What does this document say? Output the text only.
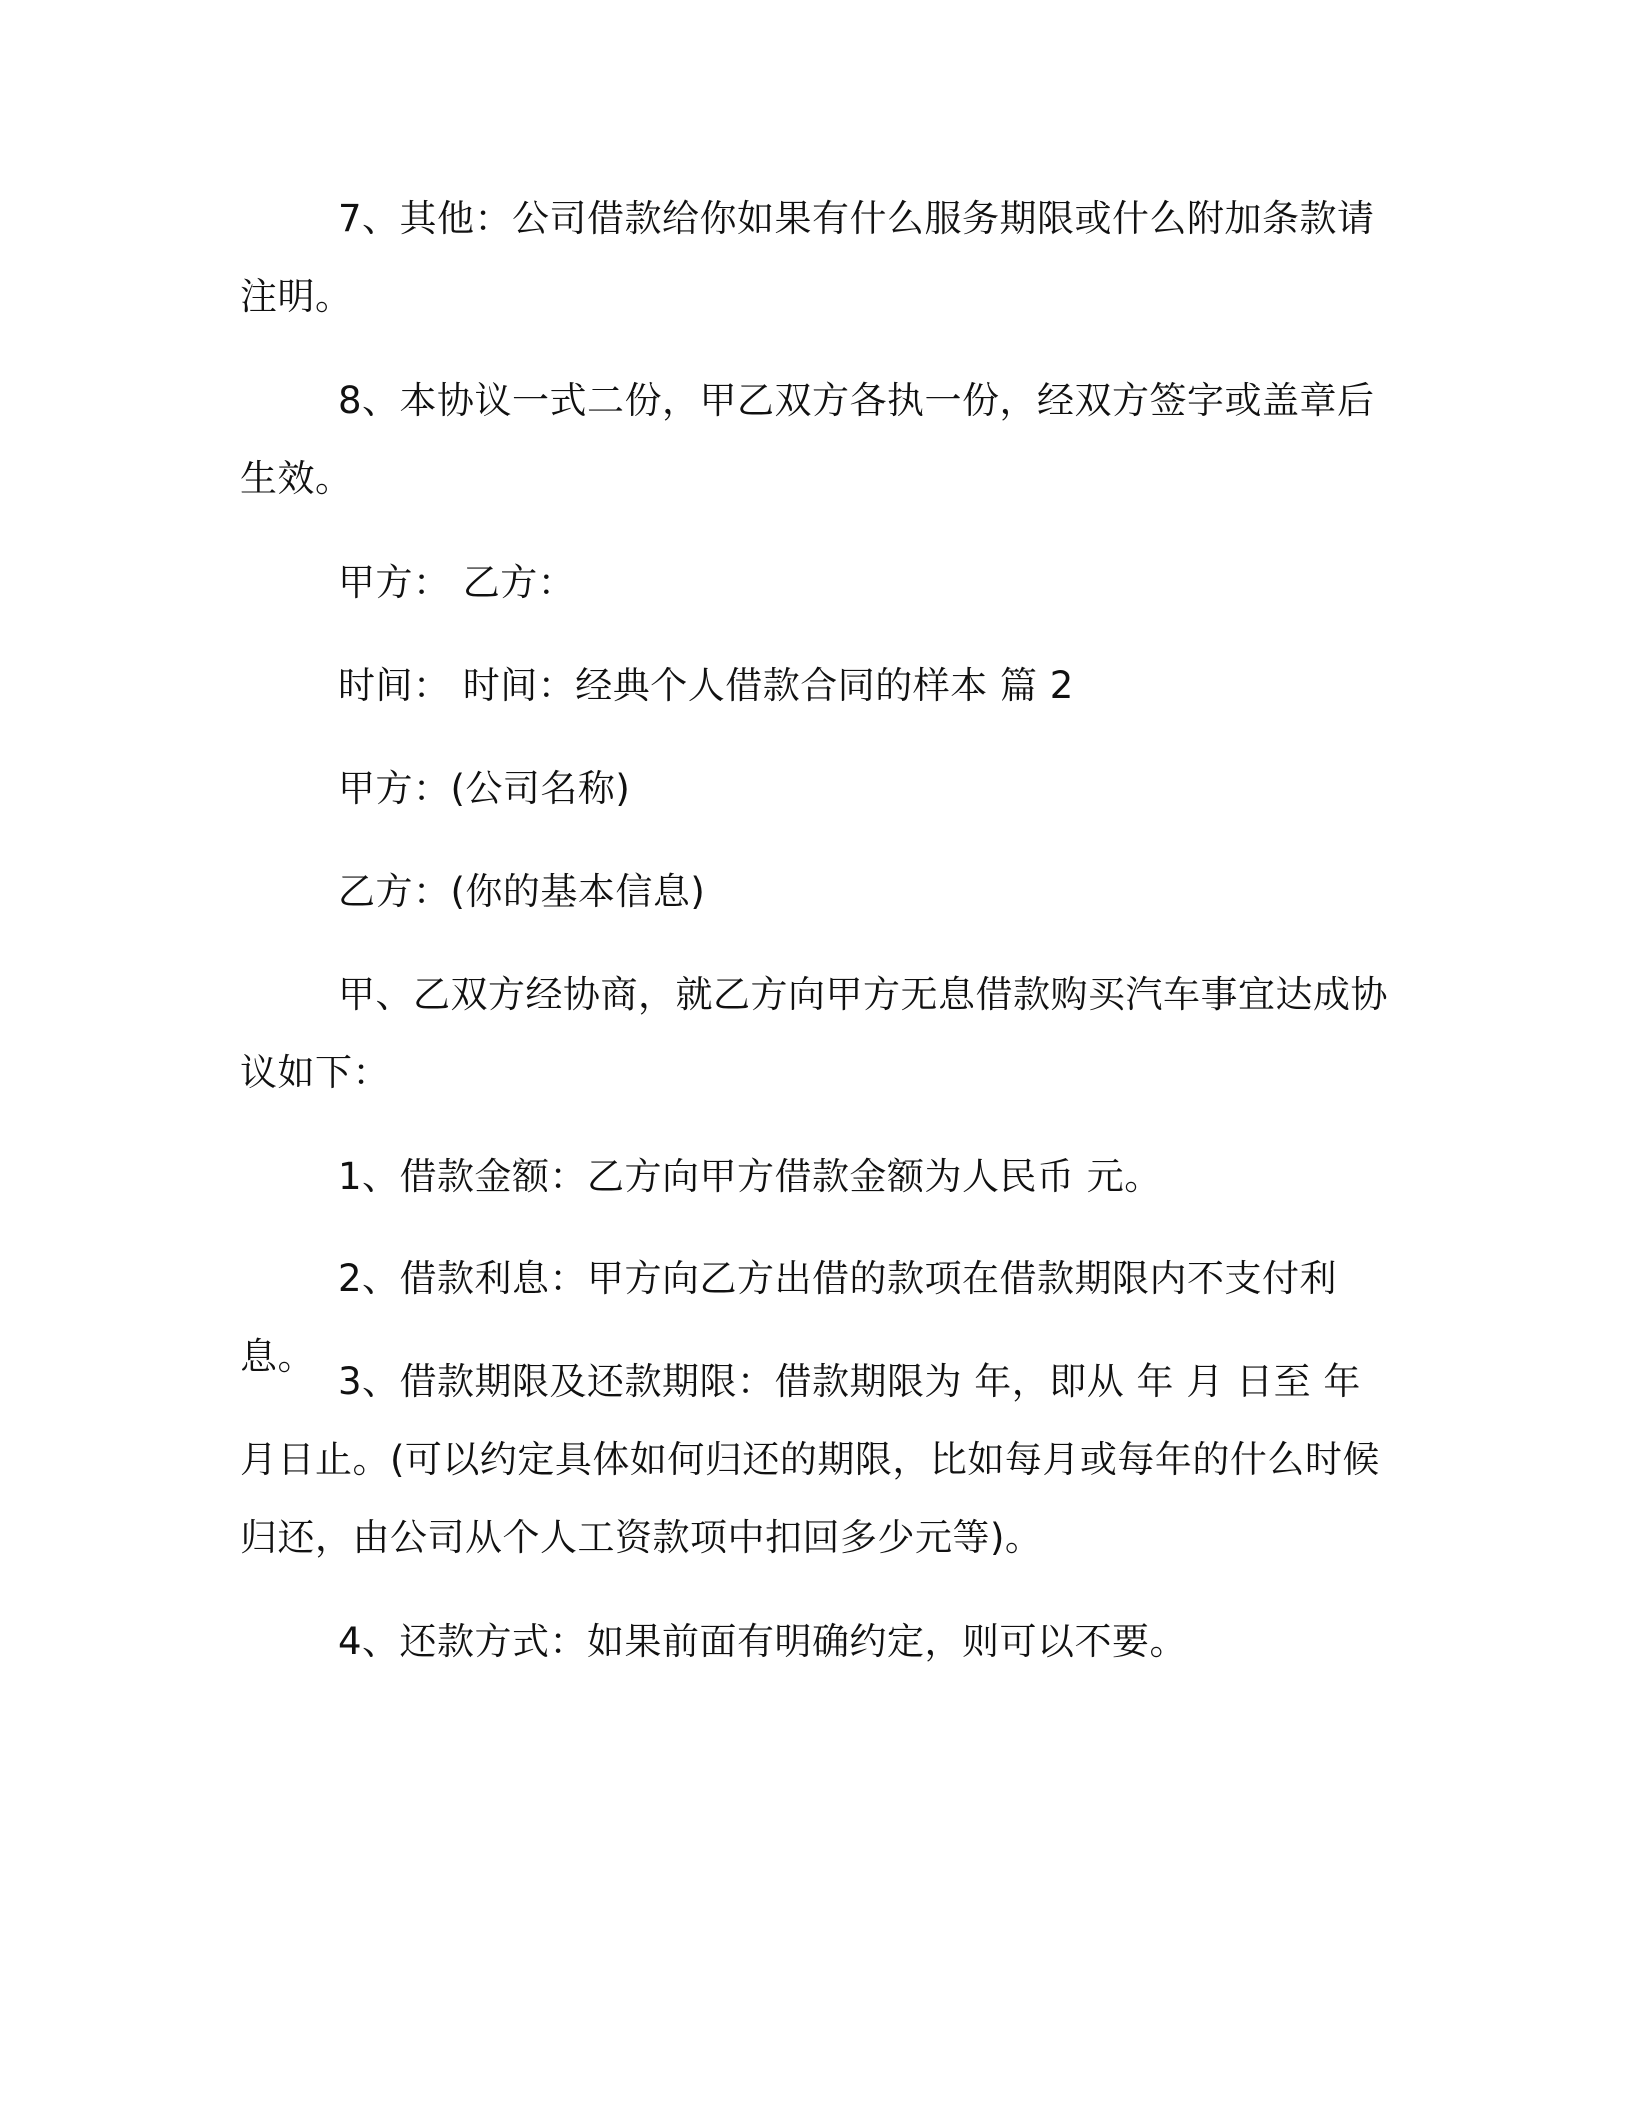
7、其他：公司借款给你如果有什么服务期限或什么附加条款请注明。

8、本协议一式二份，甲乙双方各执一份，经双方签字或盖章后生效。

甲方： 乙方：

时间： 时间：经典个人借款合同的样本 篇 2

甲方：(公司名称)

乙方：(你的基本信息)

甲、乙双方经协商，就乙方向甲方无息借款购买汽车事宜达成协议如下：

1、借款金额：乙方向甲方借款金额为人民币 元。

2、借款利息：甲方向乙方出借的款项在借款期限内不支付利息。

3、借款期限及还款期限：借款期限为 年，即从 年 月 日至 年 月日止。(可以约定具体如何归还的期限，比如每月或每年的什么时候归还，由公司从个人工资款项中扣回多少元等)。

4、还款方式：如果前面有明确约定，则可以不要。
